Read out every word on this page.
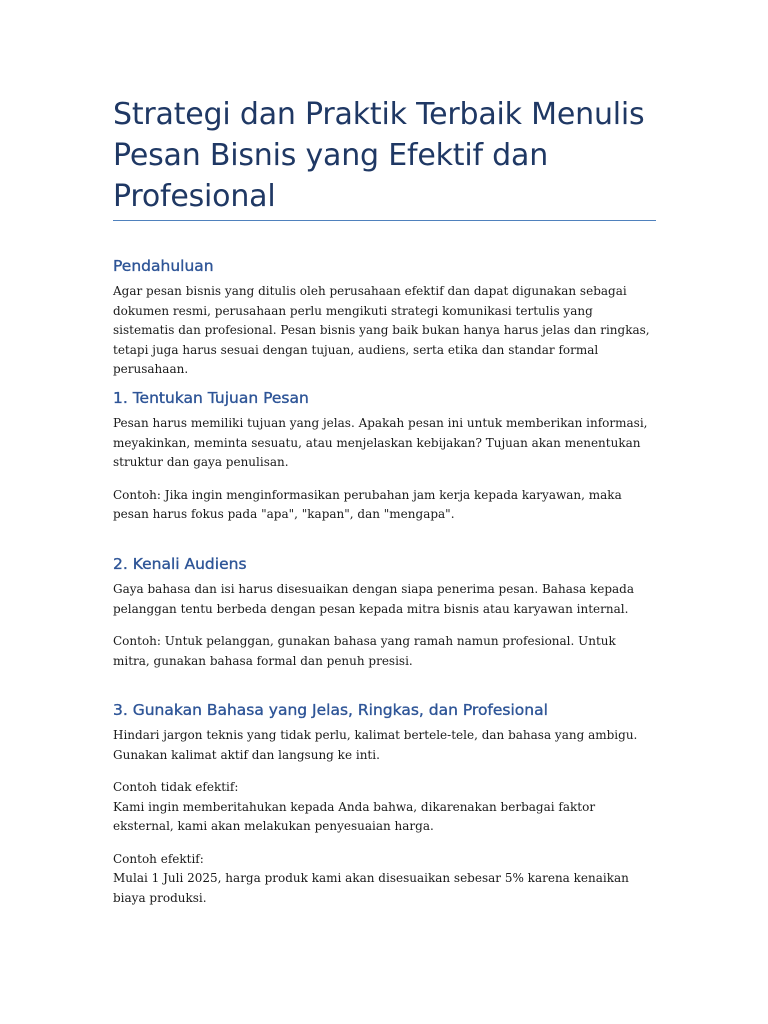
Strategi dan Praktik Terbaik Menulis Pesan Bisnis yang Efektif dan Profesional
Pendahuluan

Agar pesan bisnis yang ditulis oleh perusahaan efektif dan dapat digunakan sebagai dokumen resmi, perusahaan perlu mengikuti strategi komunikasi tertulis yang sistematis dan profesional. Pesan bisnis yang baik bukan hanya harus jelas dan ringkas, tetapi juga harus sesuai dengan tujuan, audiens, serta etika dan standar formal perusahaan.

1. Tentukan Tujuan Pesan

Pesan harus memiliki tujuan yang jelas. Apakah pesan ini untuk memberikan informasi, meyakinkan, meminta sesuatu, atau menjelaskan kebijakan? Tujuan akan menentukan struktur dan gaya penulisan.

Contoh: Jika ingin menginformasikan perubahan jam kerja kepada karyawan, maka pesan harus fokus pada "apa", "kapan", dan "mengapa".

2. Kenali Audiens

Gaya bahasa dan isi harus disesuaikan dengan siapa penerima pesan. Bahasa kepada pelanggan tentu berbeda dengan pesan kepada mitra bisnis atau karyawan internal.

Contoh: Untuk pelanggan, gunakan bahasa yang ramah namun profesional. Untuk mitra, gunakan bahasa formal dan penuh presisi.

3. Gunakan Bahasa yang Jelas, Ringkas, dan Profesional

Hindari jargon teknis yang tidak perlu, kalimat bertele-tele, dan bahasa yang ambigu. Gunakan kalimat aktif dan langsung ke inti.

Contoh tidak efektif:
Kami ingin memberitahukan kepada Anda bahwa, dikarenakan berbagai faktor eksternal, kami akan melakukan penyesuaian harga.

Contoh efektif:
Mulai 1 Juli 2025, harga produk kami akan disesuaikan sebesar 5% karena kenaikan biaya produksi.
